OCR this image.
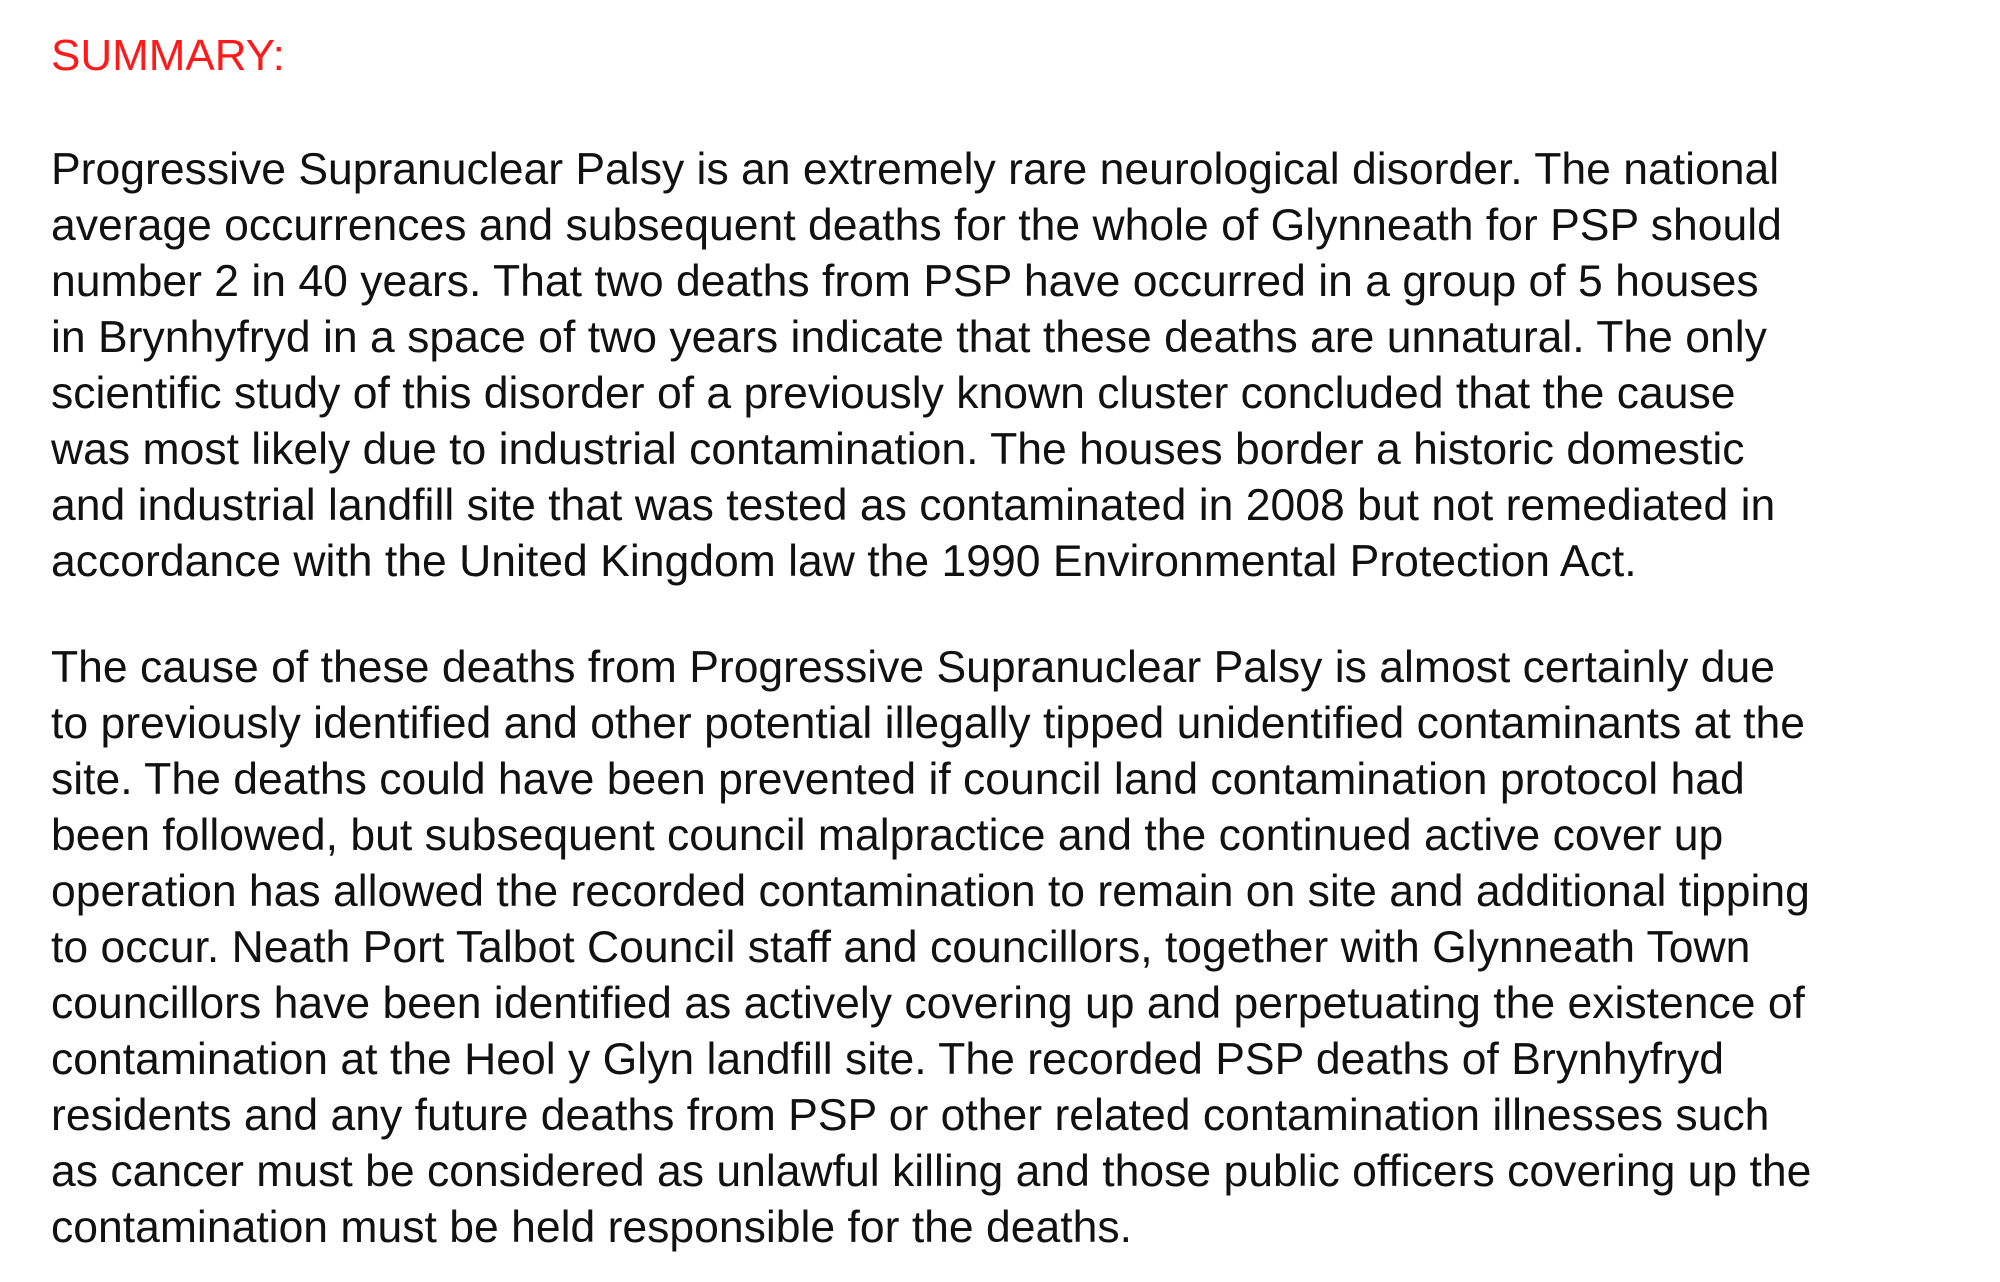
SUMMARY:

Progressive Supranuclear Palsy is an extremely rare neurological disorder. The national
average occurrences and subsequent deaths for the whole of Glynneath for PSP should
number 2 in 40 years. That two deaths from PSP have occurred in a group of 5 houses
in Brynhyfryd in a space of two years indicate that these deaths are unnatural. The only
scientific study of this disorder of a previously known cluster concluded that the cause
was most likely due to industrial contamination. The houses border a historic domestic
and industrial landfill site that was tested as contaminated in 2008 but not remediated in
accordance with the United Kingdom law the 1990 Environmental Protection Act.

The cause of these deaths from Progressive Supranuclear Palsy is almost certainly due
to previously identified and other potential illegally tipped unidentified contaminants at the
site. The deaths could have been prevented if council land contamination protocol had
been followed, but subsequent council malpractice and the continued active cover up
operation has allowed the recorded contamination to remain on site and additional tipping
to occur. Neath Port Talbot Council staff and councillors, together with Glynneath Town
councillors have been identified as actively covering up and perpetuating the existence of
contamination at the Heol y Glyn landfill site. The recorded PSP deaths of Brynhyfryd
residents and any future deaths from PSP or other related contamination illnesses such
as cancer must be considered as unlawful killing and those public officers covering up the
contamination must be held responsible for the deaths.
